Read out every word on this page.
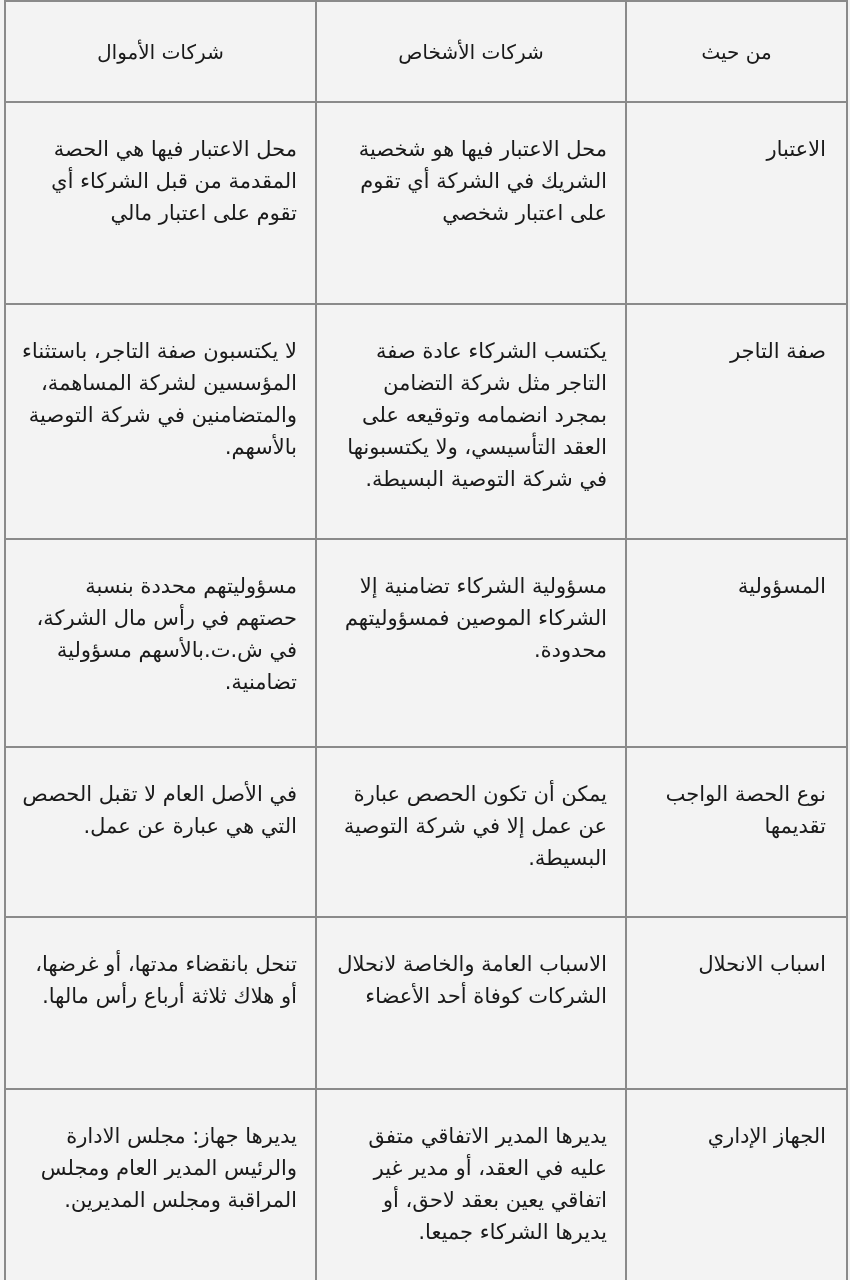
من حيث	شركات الأشخاص	شركات الأموال

الاعتبار	محل الاعتبار فيها هو شخصية الشريك في الشركة أي تقوم على اعتبار شخصي	محل الاعتبار فيها هي الحصة المقدمة من قبل الشركاء أي تقوم على اعتبار مالي

صفة التاجر	يكتسب الشركاء عادة صفة التاجر مثل شركة التضامن بمجرد انضمامه وتوقيعه على العقد التأسيسي، ولا يكتسبونها في شركة التوصية البسيطة.	لا يكتسبون صفة التاجر، باستثناء المؤسسين لشركة المساهمة، والمتضامنين في شركة التوصية بالأسهم.

المسؤولية	مسؤولية الشركاء تضامنية إلا الشركاء الموصين فمسؤوليتهم محدودة.	مسؤوليتهم محددة بنسبة حصتهم في رأس مال الشركة، في ش.ت.بالأسهم مسؤولية تضامنية.

نوع الحصة الواجب تقديمها	يمكن أن تكون الحصص عبارة عن عمل إلا في شركة التوصية البسيطة.	في الأصل العام لا تقبل الحصص التي هي عبارة عن عمل.

اسباب الانحلال	الاسباب العامة والخاصة لانحلال الشركات كوفاة أحد الأعضاء	تنحل بانقضاء مدتها، أو غرضها، أو هلاك ثلاثة أرباع رأس مالها.

الجهاز الإداري	يديرها المدير الاتفاقي متفق عليه في العقد، أو مدير غير اتفاقي يعين بعقد لاحق، أو يديرها الشركاء جميعا.	يديرها جهاز: مجلس الادارة والرئيس المدير العام ومجلس المراقبة ومجلس المديرين.
